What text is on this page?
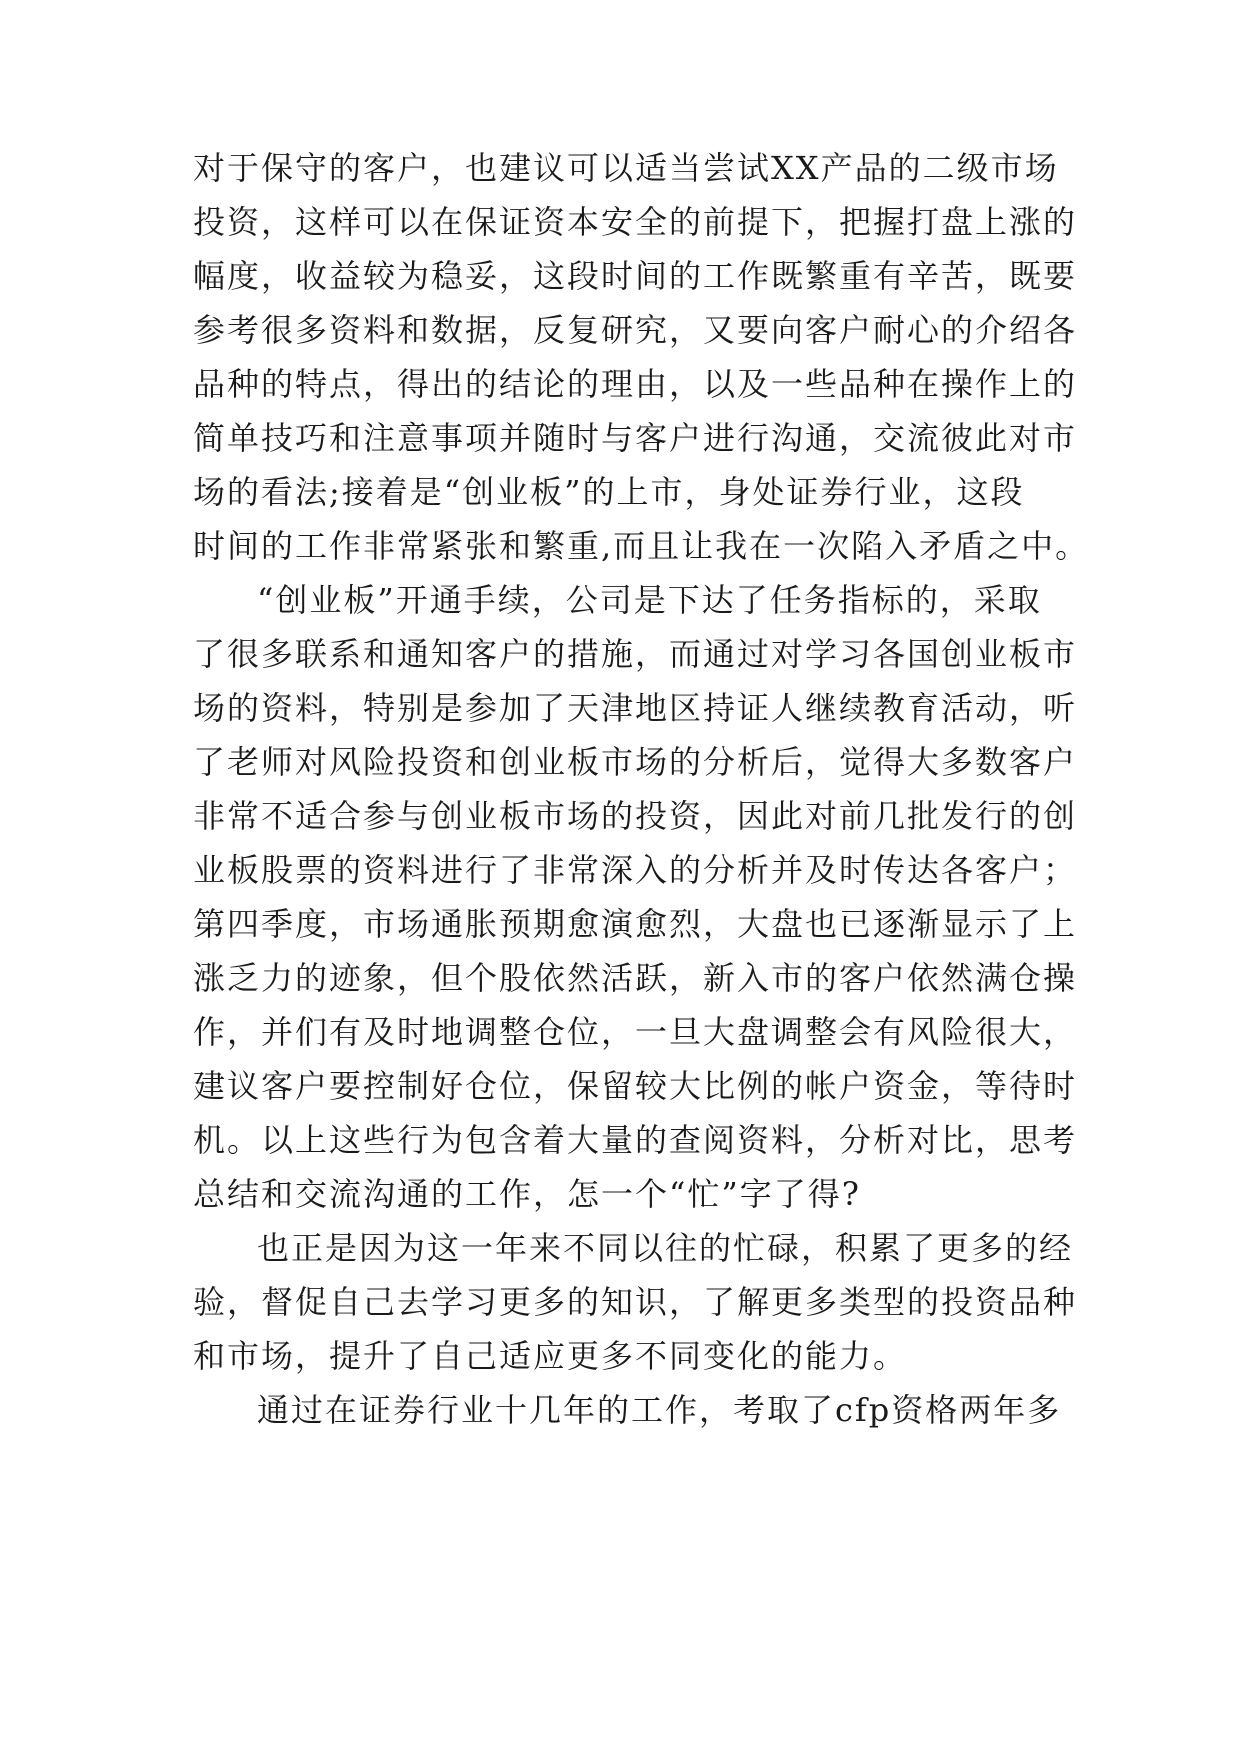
对于保守的客户，也建议可以适当尝试XX产品的二级市场

投资，这样可以在保证资本安全的前提下，把握打盘上涨的

幅度，收益较为稳妥，这段时间的工作既繁重有辛苦，既要

参考很多资料和数据，反复研究，又要向客户耐心的介绍各

品种的特点，得出的结论的理由，以及一些品种在操作上的

简单技巧和注意事项并随时与客户进行沟通，交流彼此对市

场的看法;接着是“创业板”的上市，身处证券行业，这段

时间的工作非常紧张和繁重,而且让我在一次陷入矛盾之中。

“创业板”开通手续，公司是下达了任务指标的，采取

了很多联系和通知客户的措施，而通过对学习各国创业板市

场的资料，特别是参加了天津地区持证人继续教育活动，听

了老师对风险投资和创业板市场的分析后，觉得大多数客户

非常不适合参与创业板市场的投资，因此对前几批发行的创

业板股票的资料进行了非常深入的分析并及时传达各客户；

第四季度，市场通胀预期愈演愈烈，大盘也已逐渐显示了上

涨乏力的迹象，但个股依然活跃，新入市的客户依然满仓操

作，并们有及时地调整仓位，一旦大盘调整会有风险很大，

建议客户要控制好仓位，保留较大比例的帐户资金，等待时

机。以上这些行为包含着大量的查阅资料，分析对比，思考

总结和交流沟通的工作，怎一个“忙”字了得?

也正是因为这一年来不同以往的忙碌，积累了更多的经

验，督促自己去学习更多的知识，了解更多类型的投资品种

和市场，提升了自己适应更多不同变化的能力。

通过在证券行业十几年的工作，考取了cfp资格两年多
